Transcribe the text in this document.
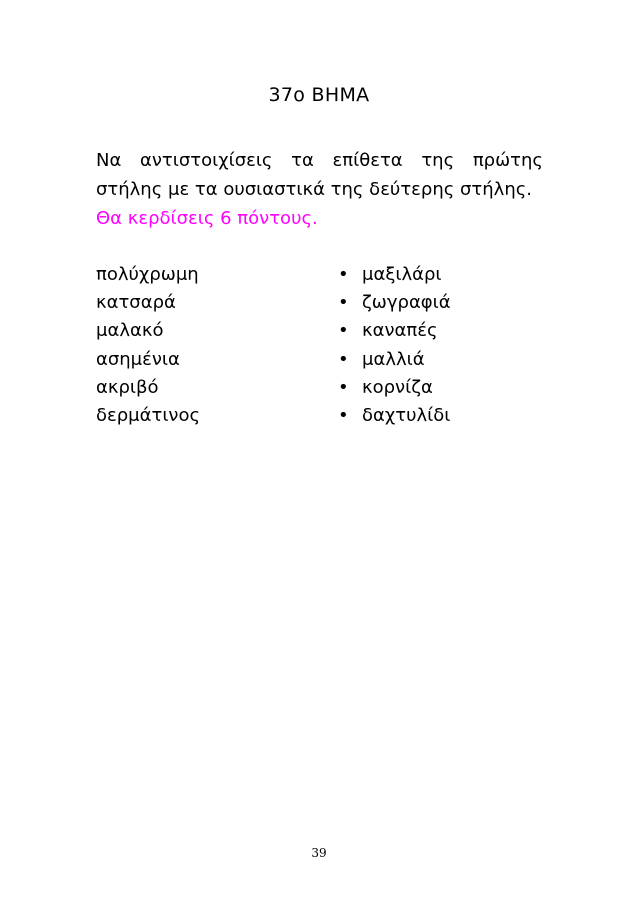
37ο ΒΗΜΑ
Να αντιστοιχίσεις τα επίθετα της πρώτης
στήλης με τα ουσιαστικά της δεύτερης στήλης.
Θα κερδίσεις 6 πόντους.
πολύχρωμη
κατσαρά
μαλακό
ασημένια
ακριβό
δερμάτινος
• μαξιλάρι
• ζωγραφιά
• καναπές
• μαλλιά
• κορνίζα
• δαχτυλίδι
39
